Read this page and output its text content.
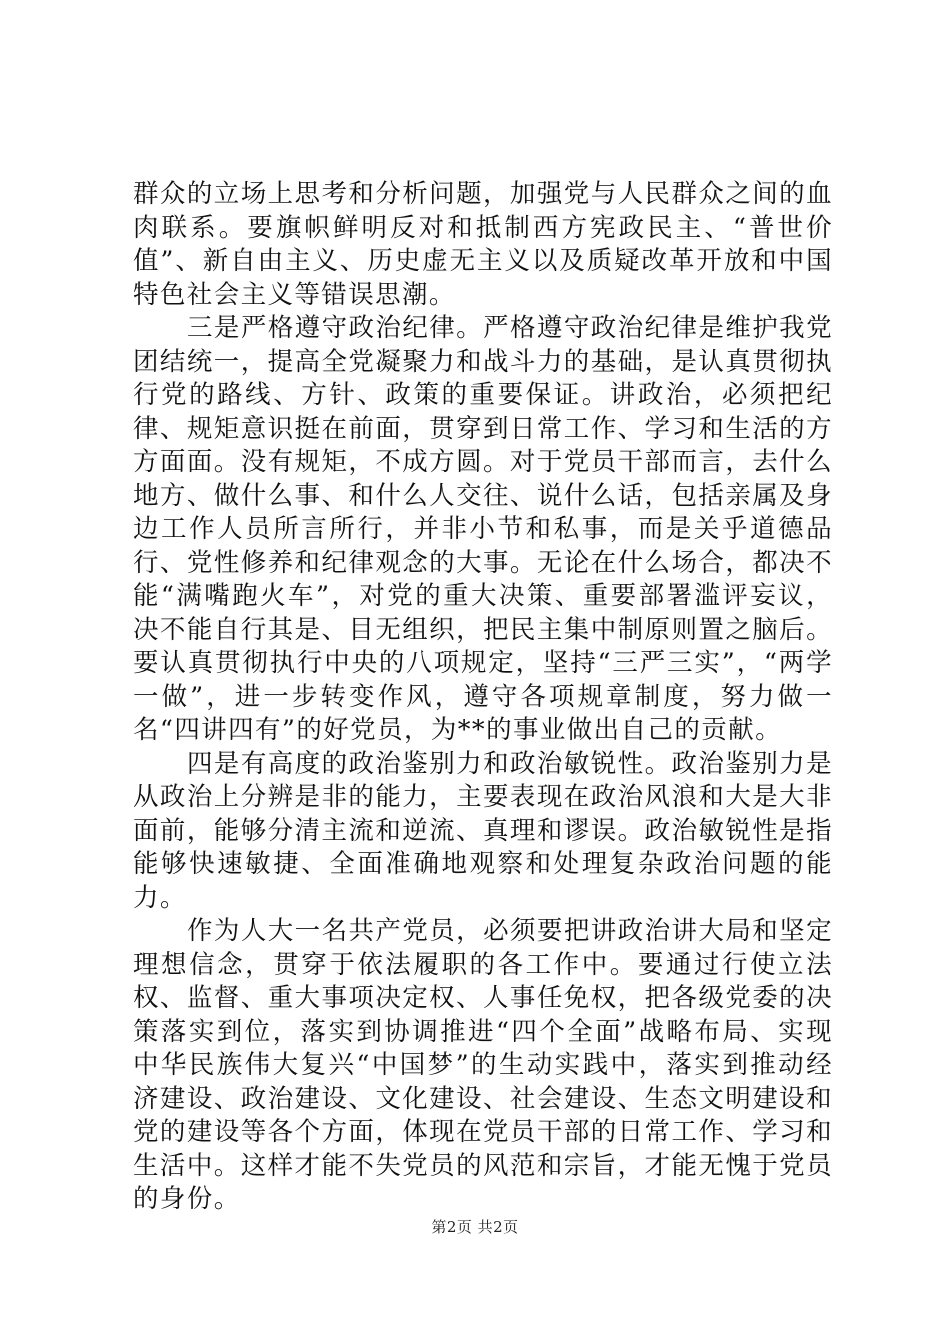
群众的立场上思考和分析问题，加强党与人民群众之间的血肉联系。要旗帜鲜明反对和抵制西方宪政民主、“普世价值”、新自由主义、历史虚无主义以及质疑改革开放和中国特色社会主义等错误思潮。

三是严格遵守政治纪律。严格遵守政治纪律是维护我党团结统一，提高全党凝聚力和战斗力的基础，是认真贯彻执行党的路线、方针、政策的重要保证。讲政治，必须把纪律、规矩意识挺在前面，贯穿到日常工作、学习和生活的方方面面。没有规矩，不成方圆。对于党员干部而言，去什么地方、做什么事、和什么人交往、说什么话，包括亲属及身边工作人员所言所行，并非小节和私事，而是关乎道德品行、党性修养和纪律观念的大事。无论在什么场合，都决不能“满嘴跑火车”，对党的重大决策、重要部署滥评妄议，决不能自行其是、目无组织，把民主集中制原则置之脑后。要认真贯彻执行中央的八项规定，坚持“三严三实”，“两学一做”，进一步转变作风，遵守各项规章制度，努力做一名“四讲四有”的好党员，为**的事业做出自己的贡献。

四是有高度的政治鉴别力和政治敏锐性。政治鉴别力是从政治上分辨是非的能力，主要表现在政治风浪和大是大非面前，能够分清主流和逆流、真理和谬误。政治敏锐性是指能够快速敏捷、全面准确地观察和处理复杂政治问题的能力。

作为人大一名共产党员，必须要把讲政治讲大局和坚定理想信念，贯穿于依法履职的各工作中。要通过行使立法权、监督、重大事项决定权、人事任免权，把各级党委的决策落实到位，落实到协调推进“四个全面”战略布局、实现中华民族伟大复兴“中国梦”的生动实践中，落实到推动经济建设、政治建设、文化建设、社会建设、生态文明建设和党的建设等各个方面，体现在党员干部的日常工作、学习和生活中。这样才能不失党员的风范和宗旨，才能无愧于党员的身份。

第2页 共2页
